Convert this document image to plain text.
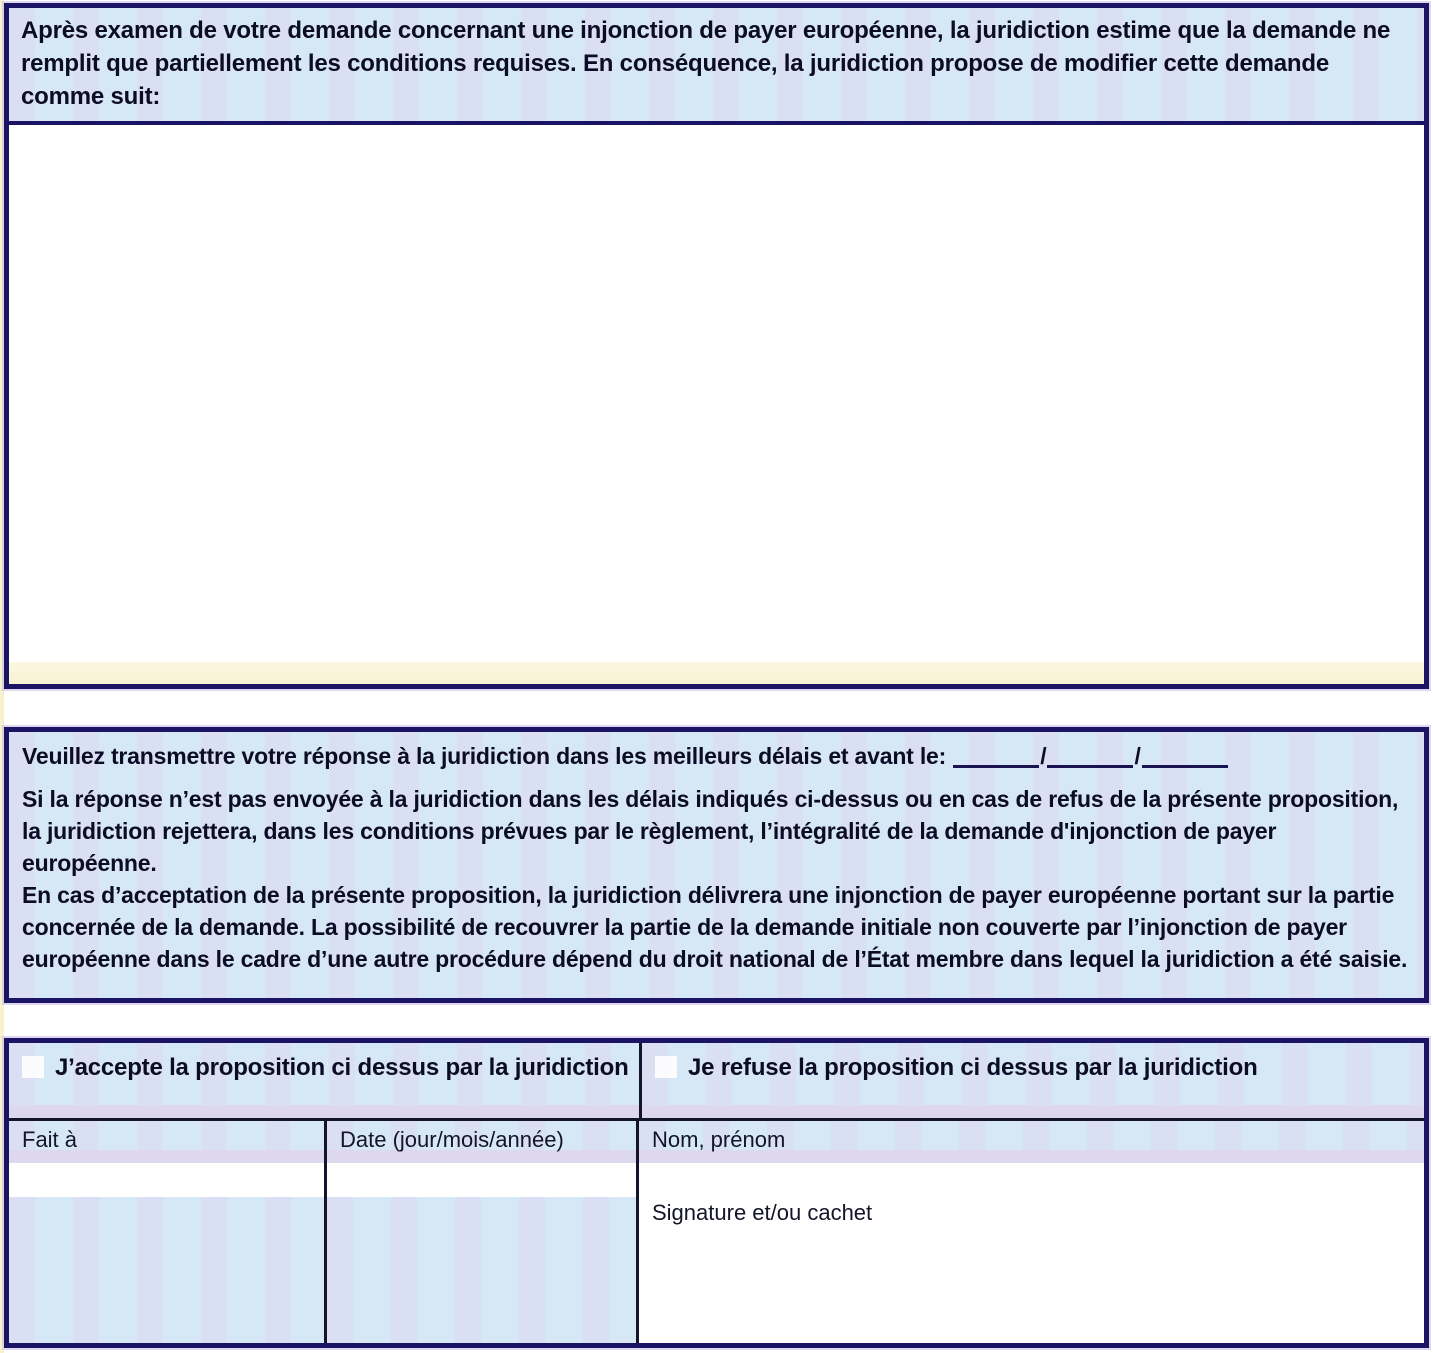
Après examen de votre demande concernant une injonction de payer européenne, la juridiction estime que la demande ne remplit que partiellement les conditions requises. En conséquence, la juridiction propose de modifier cette demande comme suit:

Veuillez transmettre votre réponse à la juridiction dans les meilleurs délais et avant le:	/	/

Si la réponse n’est pas envoyée à la juridiction dans les délais indiqués ci-dessus ou en cas de refus de la présente proposition, la juridiction rejettera, dans les conditions prévues par le règlement, l’intégralité de la demande d'injonction de payer européenne.

En cas d’acceptation de la présente proposition, la juridiction délivrera une injonction de payer européenne portant sur la partie concernée de la demande. La possibilité de recouvrer la partie de la demande initiale non couverte par l’injonction de payer européenne dans le cadre d’une autre procédure dépend du droit national de l’État membre dans lequel la juridiction a été saisie.

J’accepte la proposition ci dessus par la juridiction Je refuse la proposition ci dessus par la juridiction
Fait à	Date (jour/mois/année)	Nom, prénom
Signature et/ou cachet
